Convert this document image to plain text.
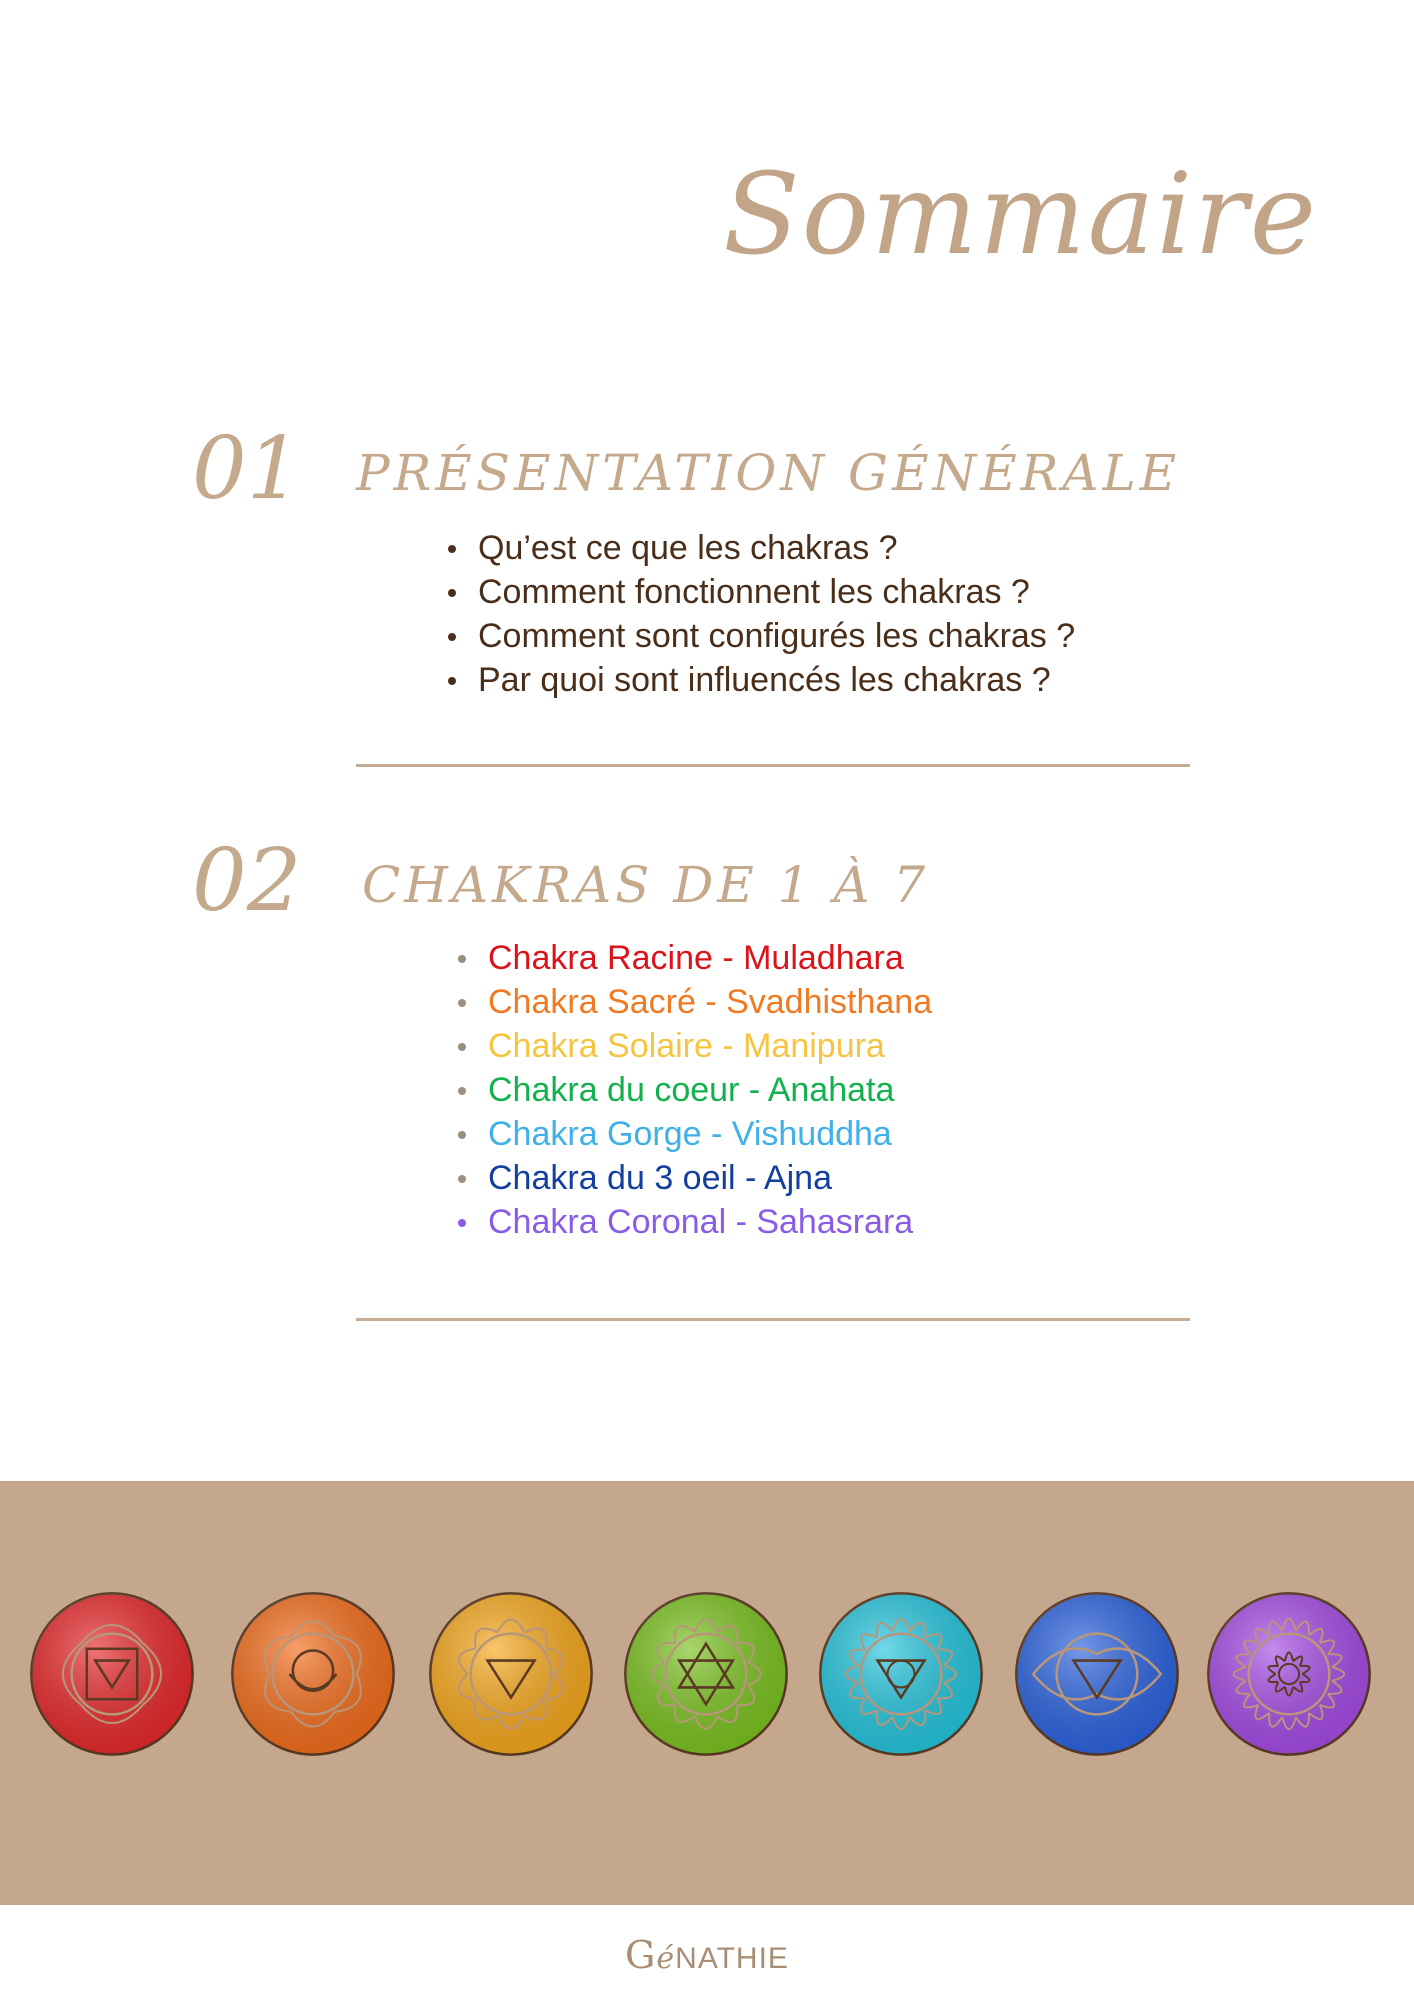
Sommaire
01 PRÉSENTATION GÉNÉRALE
Qu’est ce que les chakras ?
Comment fonctionnent les chakras ?
Comment sont configurés les chakras ?
Par quoi sont influencés les chakras ?
02 CHAKRAS DE 1 À 7
Chakra Racine - Muladhara
Chakra Sacré - Svadhisthana
Chakra Solaire - Manipura
Chakra du coeur - Anahata
Chakra Gorge - Vishuddha
Chakra du 3 oeil - Ajna
Chakra Coronal - Sahasrara
GéNATHIE
